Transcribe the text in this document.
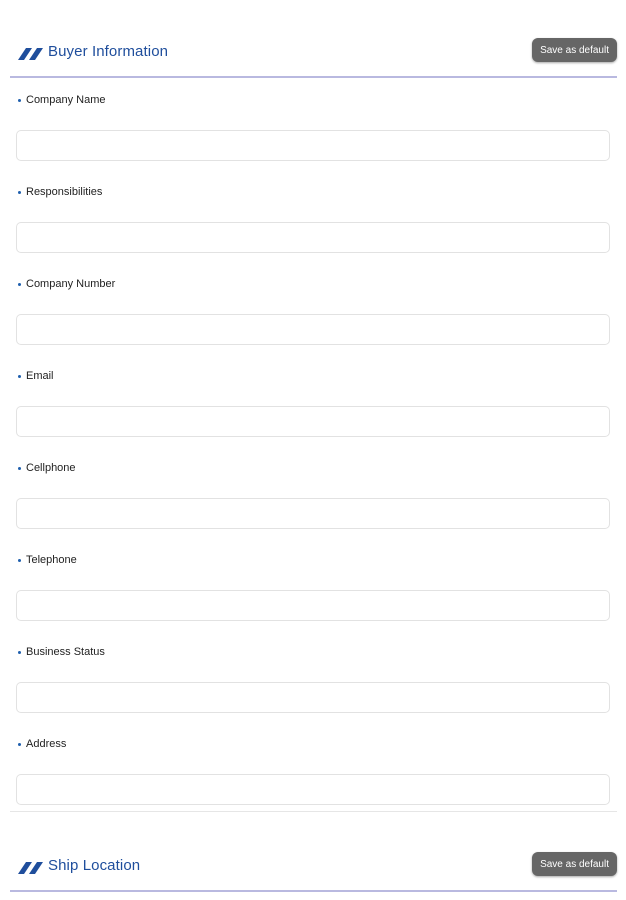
Buyer Information	Save as default
Company Name
Responsibilities
Company Number
Email
Cellphone
Telephone
Business Status
Address
Ship Location	Save as default
